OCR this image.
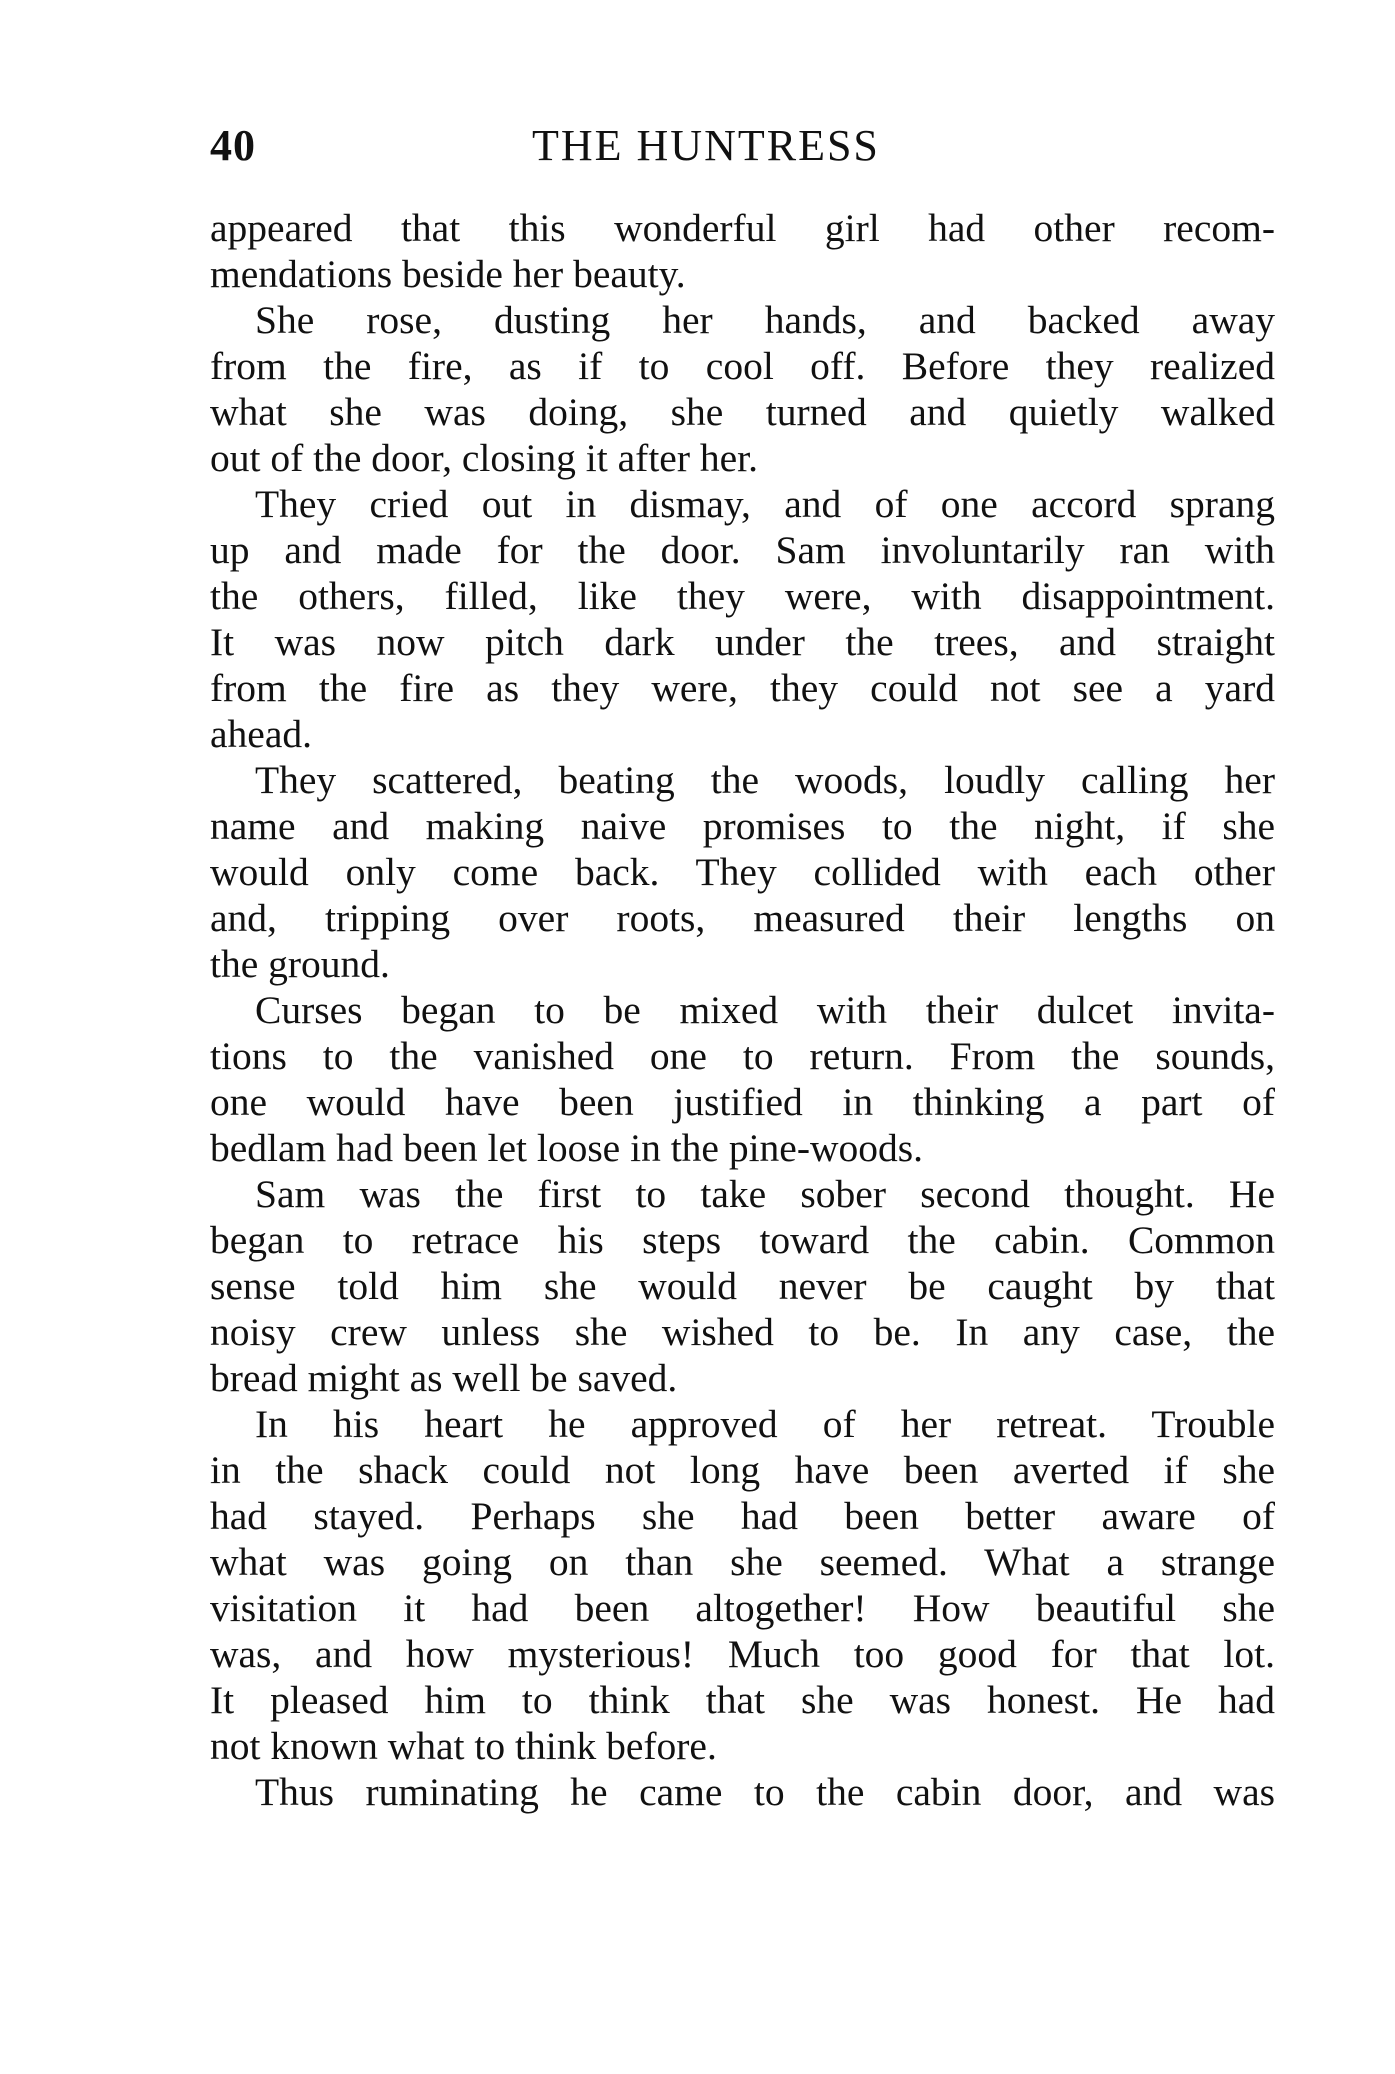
40	THE HUNTRESS
appeared that this wonderful girl had other recom-
mendations beside her beauty.
She rose, dusting her hands, and backed away
from the fire, as if to cool off. Before they realized
what she was doing, she turned and quietly walked
out of the door, closing it after her.
They cried out in dismay, and of one accord sprang
up and made for the door. Sam involuntarily ran with
the others, filled, like they were, with disappointment.
It was now pitch dark under the trees, and straight
from the fire as they were, they could not see a yard
ahead.
They scattered, beating the woods, loudly calling her
name and making naive promises to the night, if she
would only come back. They collided with each other
and, tripping over roots, measured their lengths on
the ground.
Curses began to be mixed with their dulcet invita-
tions to the vanished one to return. From the sounds,
one would have been justified in thinking a part of
bedlam had been let loose in the pine-woods.
Sam was the first to take sober second thought. He
began to retrace his steps toward the cabin. Common
sense told him she would never be caught by that
noisy crew unless she wished to be. In any case, the
bread might as well be saved.
In his heart he approved of her retreat. Trouble
in the shack could not long have been averted if she
had stayed. Perhaps she had been better aware of
what was going on than she seemed. What a strange
visitation it had been altogether! How beautiful she
was, and how mysterious! Much too good for that lot.
It pleased him to think that she was honest. He had
not known what to think before.
Thus ruminating he came to the cabin door, and was
